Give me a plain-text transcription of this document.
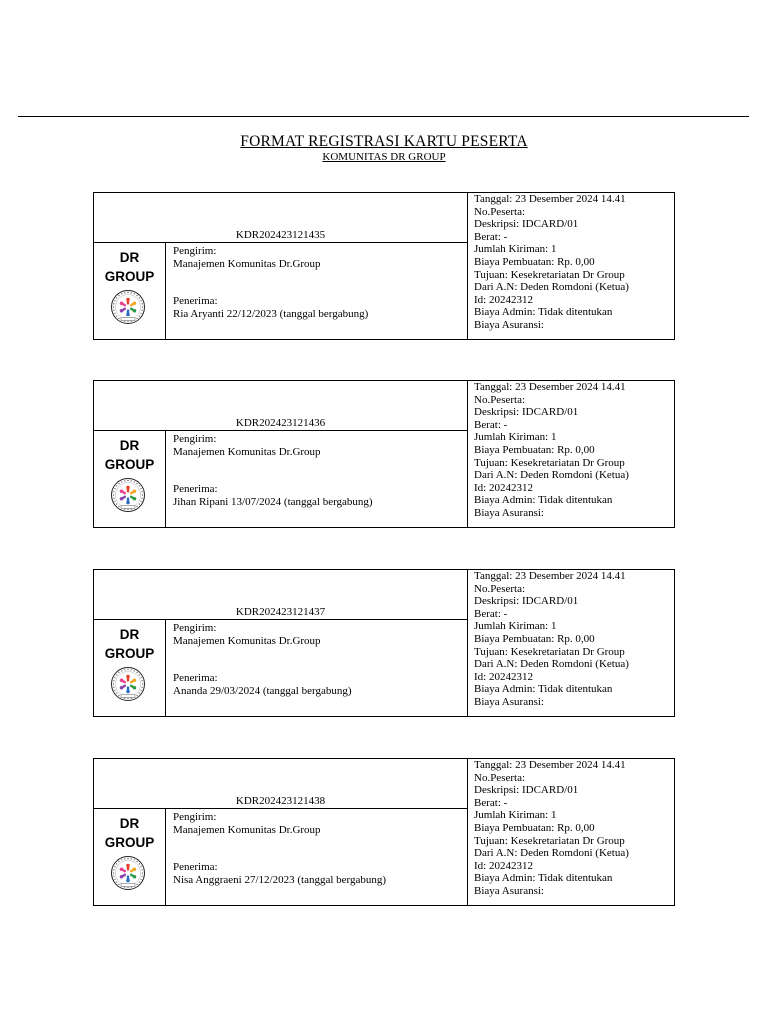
FORMAT REGISTRASI KARTU PESERTA
KOMUNITAS DR GROUP
KDR202423121435
DR
GROUP
Pengirim:
Manajemen Komunitas Dr.Group
Penerima:
Ria Aryanti 22/12/2023 (tanggal bergabung)
Tanggal: 23 Desember 2024 14.41
No.Peserta:
Deskripsi: IDCARD/01
Berat: -
Jumlah Kiriman: 1
Biaya Pembuatan: Rp. 0,00
Tujuan: Kesekretariatan Dr Group
Dari A.N: Deden Romdoni (Ketua)
Id: 20242312
Biaya Admin: Tidak ditentukan
Biaya Asuransi:
KDR202423121436
DR
GROUP
Pengirim:
Manajemen Komunitas Dr.Group
Penerima:
Jihan Ripani 13/07/2024 (tanggal bergabung)
Tanggal: 23 Desember 2024 14.41
No.Peserta:
Deskripsi: IDCARD/01
Berat: -
Jumlah Kiriman: 1
Biaya Pembuatan: Rp. 0,00
Tujuan: Kesekretariatan Dr Group
Dari A.N: Deden Romdoni (Ketua)
Id: 20242312
Biaya Admin: Tidak ditentukan
Biaya Asuransi:
KDR202423121437
DR
GROUP
Pengirim:
Manajemen Komunitas Dr.Group
Penerima:
Ananda 29/03/2024 (tanggal bergabung)
Tanggal: 23 Desember 2024 14.41
No.Peserta:
Deskripsi: IDCARD/01
Berat: -
Jumlah Kiriman: 1
Biaya Pembuatan: Rp. 0,00
Tujuan: Kesekretariatan Dr Group
Dari A.N: Deden Romdoni (Ketua)
Id: 20242312
Biaya Admin: Tidak ditentukan
Biaya Asuransi:
KDR202423121438
DR
GROUP
Pengirim:
Manajemen Komunitas Dr.Group
Penerima:
Nisa Anggraeni 27/12/2023 (tanggal bergabung)
Tanggal: 23 Desember 2024 14.41
No.Peserta:
Deskripsi: IDCARD/01
Berat: -
Jumlah Kiriman: 1
Biaya Pembuatan: Rp. 0,00
Tujuan: Kesekretariatan Dr Group
Dari A.N: Deden Romdoni (Ketua)
Id: 20242312
Biaya Admin: Tidak ditentukan
Biaya Asuransi:
